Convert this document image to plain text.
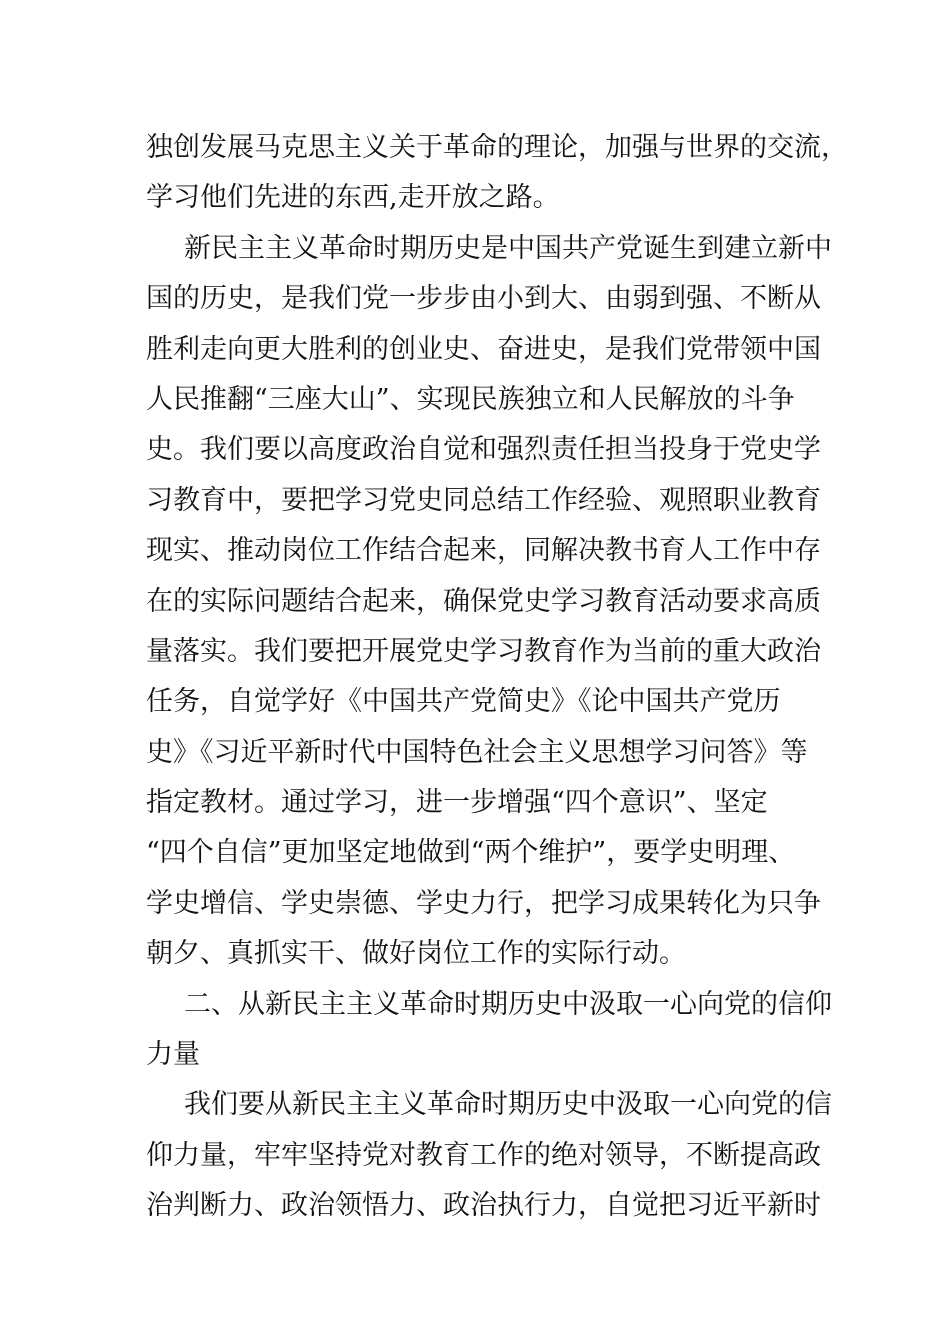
独创发展马克思主义关于革命的理论，加强与世界的交流，
学习他们先进的东西,走开放之路。
新民主主义革命时期历史是中国共产党诞生到建立新中
国的历史，是我们党一步步由小到大、由弱到强、不断从
胜利走向更大胜利的创业史、奋进史，是我们党带领中国
人民推翻“三座大山”、实现民族独立和人民解放的斗争
史。我们要以高度政治自觉和强烈责任担当投身于党史学
习教育中，要把学习党史同总结工作经验、观照职业教育
现实、推动岗位工作结合起来，同解决教书育人工作中存
在的实际问题结合起来，确保党史学习教育活动要求高质
量落实。我们要把开展党史学习教育作为当前的重大政治
任务，自觉学好《中国共产党简史》《论中国共产党历
史》《习近平新时代中国特色社会主义思想学习问答》等
指定教材。通过学习，进一步增强“四个意识”、坚定
“四个自信”更加坚定地做到“两个维护”，要学史明理、
学史增信、学史崇德、学史力行，把学习成果转化为只争
朝夕、真抓实干、做好岗位工作的实际行动。
二、从新民主主义革命时期历史中汲取一心向党的信仰
力量
我们要从新民主主义革命时期历史中汲取一心向党的信
仰力量，牢牢坚持党对教育工作的绝对领导，不断提高政
治判断力、政治领悟力、政治执行力，自觉把习近平新时
